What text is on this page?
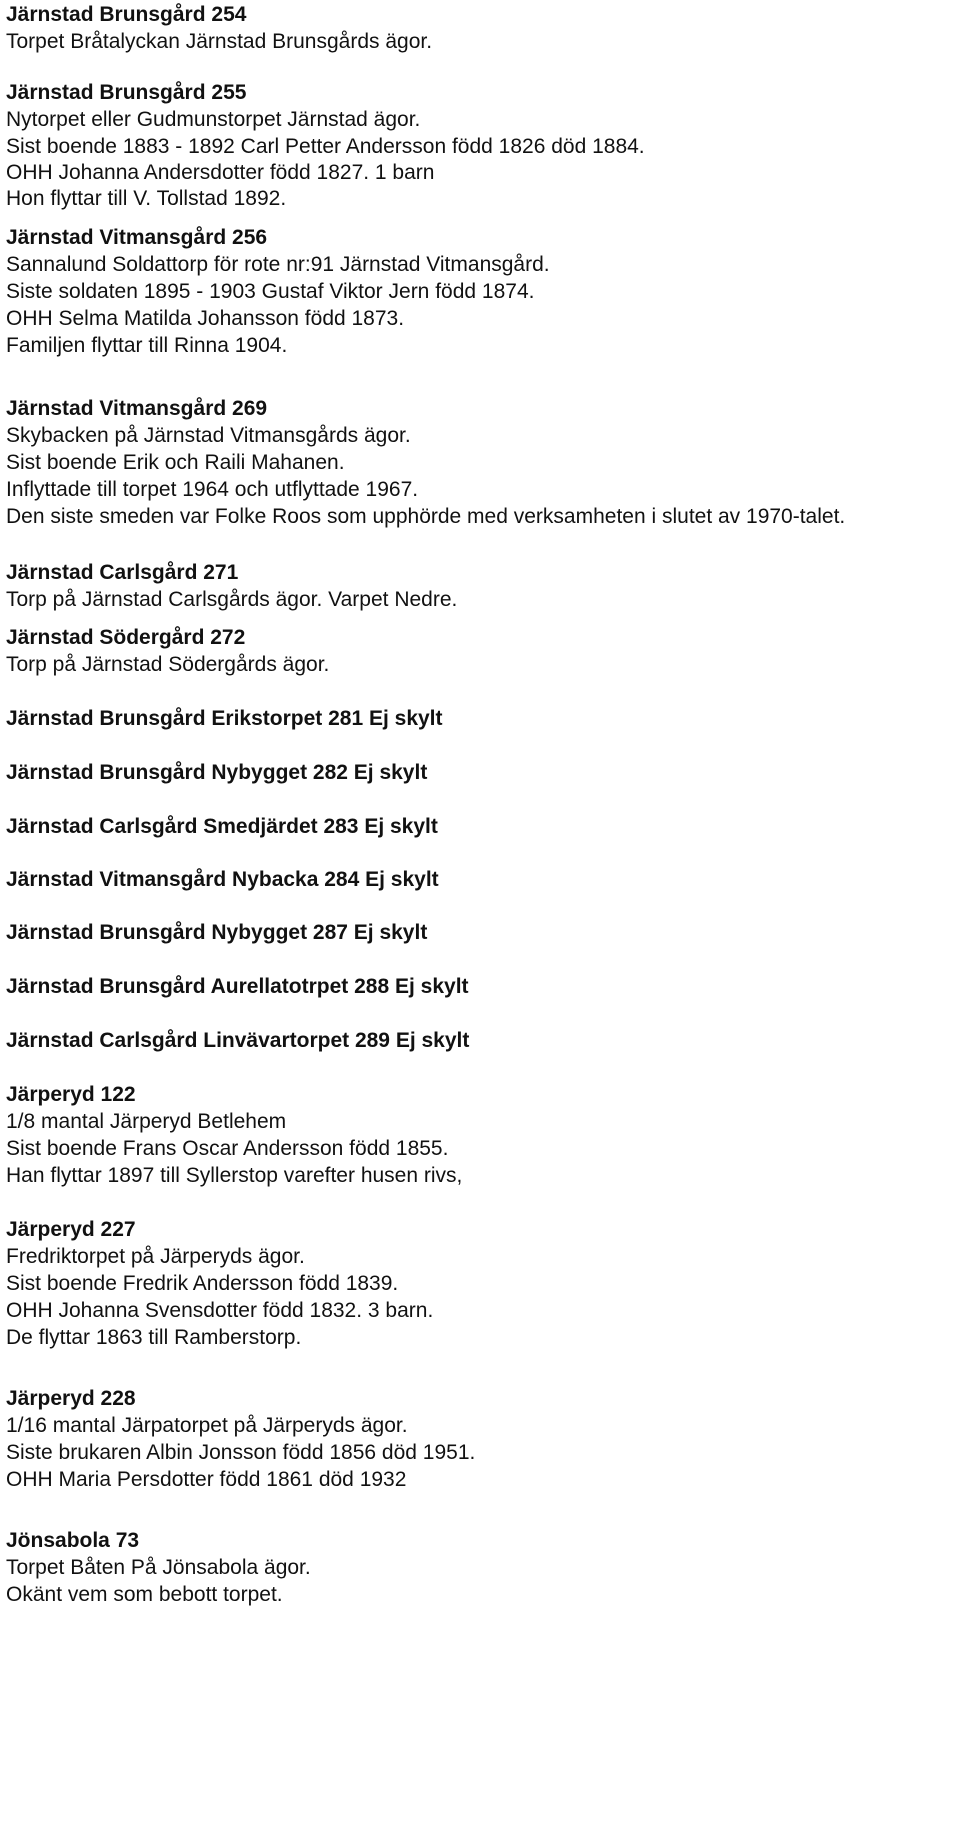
Järnstad Brunsgård 254
Torpet Bråtalyckan Järnstad Brunsgårds ägor.
Järnstad Brunsgård 255
Nytorpet eller Gudmunstorpet Järnstad ägor.
Sist boende 1883 - 1892 Carl Petter Andersson född 1826 död 1884.
OHH Johanna Andersdotter född 1827. 1 barn
Hon flyttar till V. Tollstad 1892.
Järnstad Vitmansgård 256
Sannalund Soldattorp för rote nr:91 Järnstad Vitmansgård.
Siste soldaten 1895 - 1903 Gustaf Viktor Jern född 1874.
OHH Selma Matilda Johansson född 1873.
Familjen flyttar till Rinna 1904.
Järnstad Vitmansgård 269
Skybacken på Järnstad Vitmansgårds ägor.
Sist boende Erik och Raili Mahanen.
Inflyttade till torpet 1964 och utflyttade 1967.
Den siste smeden var Folke Roos som upphörde med verksamheten i slutet av 1970-talet.
Järnstad Carlsgård 271
Torp på Järnstad Carlsgårds ägor. Varpet Nedre.
Järnstad Södergård 272
Torp på Järnstad Södergårds ägor.
Järnstad Brunsgård Erikstorpet 281 Ej skylt
Järnstad Brunsgård Nybygget 282 Ej skylt
Järnstad Carlsgård Smedjärdet 283 Ej skylt
Järnstad Vitmansgård Nybacka 284 Ej skylt
Järnstad Brunsgård Nybygget 287 Ej skylt
Järnstad Brunsgård Aurellatotrpet 288 Ej skylt
Järnstad Carlsgård Linvävartorpet 289 Ej skylt
Järperyd 122
1/8 mantal Järperyd Betlehem
Sist boende Frans Oscar Andersson född 1855.
Han flyttar 1897 till Syllerstop varefter husen rivs,
Järperyd 227
Fredriktorpet på Järperyds ägor.
Sist boende Fredrik Andersson född 1839.
OHH Johanna Svensdotter född 1832. 3 barn.
De flyttar 1863 till Ramberstorp.
Järperyd 228
1/16 mantal Järpatorpet på Järperyds ägor.
Siste brukaren Albin Jonsson född 1856 död 1951.
OHH Maria Persdotter född 1861 död 1932
Jönsabola 73
Torpet Båten På Jönsabola ägor.
Okänt vem som bebott torpet.
